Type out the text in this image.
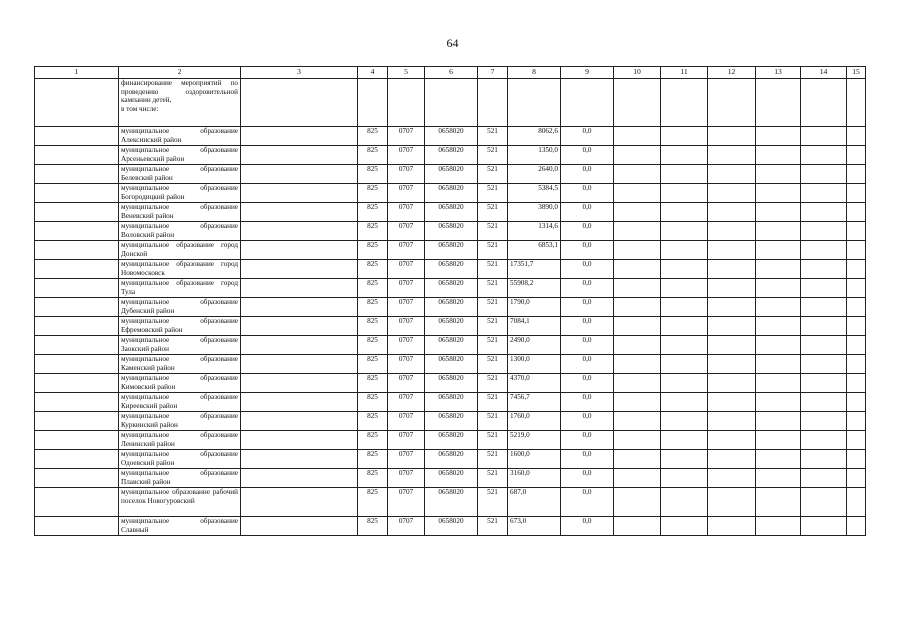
64
1	2	3	4	5	6	7	8	9	10	11	12	13	14	15
	финансирование мероприятий по проведению оздоровительной кампании детей,
в том числе:													
	муниципальное образование Алексинский район		825	0707	0658020	521	8062,6	0,0						
	муниципальное образование Арсеньевский район		825	0707	0658020	521	1350,0	0,0						
	муниципальное образование Белевский район		825	0707	0658020	521	2640,0	0,0						
	муниципальное образование Богородицкий район		825	0707	0658020	521	5384,5	0,0						
	муниципальное образование Веневский район		825	0707	0658020	521	3890,0	0,0						
	муниципальное образование Воловский район		825	0707	0658020	521	1314,6	0,0						
	муниципальное образование город Донской		825	0707	0658020	521	6853,1	0,0						
	муниципальное образование город Новомосковск		825	0707	0658020	521	17351,7	0,0						
	муниципальное образование город Тула		825	0707	0658020	521	55908,2	0,0						
	муниципальное образование Дубенский район		825	0707	0658020	521	1790,0	0,0						
	муниципальное образование Ефремовский район		825	0707	0658020	521	7084,1	0,0						
	муниципальное образование Заокский район		825	0707	0658020	521	2490,0	0,0						
	муниципальное образование Каменский район		825	0707	0658020	521	1300,0	0,0						
	муниципальное образование Кимовский район		825	0707	0658020	521	4370,0	0,0						
	муниципальное образование Киреевский район		825	0707	0658020	521	7456,7	0,0						
	муниципальное образование Куркинский район		825	0707	0658020	521	1760,0	0,0						
	муниципальное образование Ленинский район		825	0707	0658020	521	5219,0	0,0						
	муниципальное образование Одоевский район		825	0707	0658020	521	1600,0	0,0						
	муниципальное образование Плавский район		825	0707	0658020	521	3160,0	0,0						
	муниципальное образование рабочий поселок Новогуровский		825	0707	0658020	521	687,0	0,0						
	муниципальное образование Славный		825	0707	0658020	521	673,0	0,0						
